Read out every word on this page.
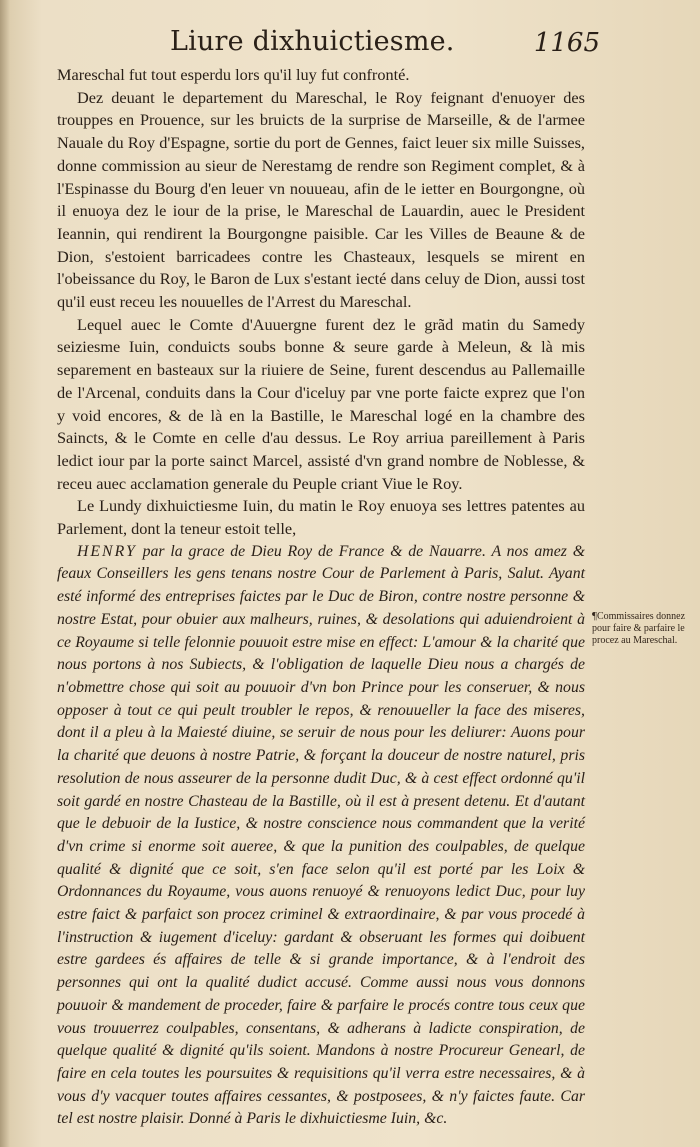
Liure dixhuictiesme.	1165

Mareschal fut tout esperdu lors qu'il luy fut confronté.

Dez deuant le departement du Mareschal, le Roy feignant d'enuoyer des trouppes en Prouence, sur les bruicts de la surprise de Marseille, & de l'armee Nauale du Roy d'Espagne, sortie du port de Gennes, faict leuer six mille Suisses, donne commission au sieur de Nerestamg de rendre son Regiment complet, & à l'Espinasse du Bourg d'en leuer vn nouueau, afin de le ietter en Bourgongne, où il enuoya dez le iour de la prise, le Mareschal de Lauardin, auec le President Ieannin, qui rendirent la Bourgongne paisible. Car les Villes de Beaune & de Dion, s'estoient barricadees contre les Chasteaux, lesquels se mirent en l'obeissance du Roy, le Baron de Lux s'estant iecté dans celuy de Dion, aussi tost qu'il eust receu les nouuelles de l'Arrest du Mareschal.

Lequel auec le Comte d'Auuergne furent dez le grãd matin du Samedy seiziesme Iuin, conduicts soubs bonne & seure garde à Meleun, & là mis separement en basteaux sur la riuiere de Seine, furent descendus au Pallemaille de l'Arcenal, conduits dans la Cour d'iceluy par vne porte faicte exprez que l'on y void encores, & de là en la Bastille, le Mareschal logé en la chambre des Saincts, & le Comte en celle d'au dessus. Le Roy arriua pareillement à Paris ledict iour par la porte sainct Marcel, assisté d'vn grand nombre de Noblesse, & receu auec acclamation generale du Peuple criant Viue le Roy.

Le Lundy dixhuictiesme Iuin, du matin le Roy enuoya ses lettres patentes au Parlement, dont la teneur estoit telle,

HENRY par la grace de Dieu Roy de France & de Nauarre. A nos amez & feaux Conseillers les gens tenans nostre Cour de Parlement à Paris, Salut. Ayant esté informé des entreprises faictes par le Duc de Biron, contre nostre personne & nostre Estat, pour obuier aux malheurs, ruines, & desolations qui aduiendroient à ce Royaume si telle felonnie pouuoit estre mise en effect: L'amour & la charité que nous portons à nos Subiects, & l'obligation de laquelle Dieu nous a chargés de n'obmettre chose qui soit au pouuoir d'vn bon Prince pour les conseruer, & nous opposer à tout ce qui peult troubler le repos, & renouueller la face des miseres, dont il a pleu à la Maiesté diuine, se seruir de nous pour les deliurer: Auons pour la charité que deuons à nostre Patrie, & forçant la douceur de nostre naturel, pris resolution de nous asseurer de la personne dudit Duc, & à cest effect ordonné qu'il soit gardé en nostre Chasteau de la Bastille, où il est à present detenu. Et d'autant que le debuoir de la Iustice, & nostre conscience nous commandent que la verité d'vn crime si enorme soit aueree, & que la punition des coulpables, de quelque qualité & dignité que ce soit, s'en face selon qu'il est porté par les Loix & Ordonnances du Royaume, vous auons renuoyé & renuoyons ledict Duc, pour luy estre faict & parfaict son procez criminel & extraordinaire, & par vous procedé à l'instruction & iugement d'iceluy: gardant & obseruant les formes qui doibuent estre gardees és affaires de telle & si grande importance, & à l'endroit des personnes qui ont la qualité dudict accusé. Comme aussi nous vous donnons pouuoir & mandement de proceder, faire & parfaire le procés contre tous ceux que vous trouuerrez coulpables, consentans, & adherans à ladicte conspiration, de quelque qualité & dignité qu'ils soient. Mandons à nostre Procureur Genearl, de faire en cela toutes les poursuites & requisitions qu'il verra estre necessaires, & à vous d'y vacquer toutes affaires cessantes, & postposees, & n'y faictes faute. Car tel est nostre plaisir. Donné à Paris le dixhuictiesme Iuin, &c.

¶Commissaires donnez pour faire & parfaire le procez au Mareschal.
